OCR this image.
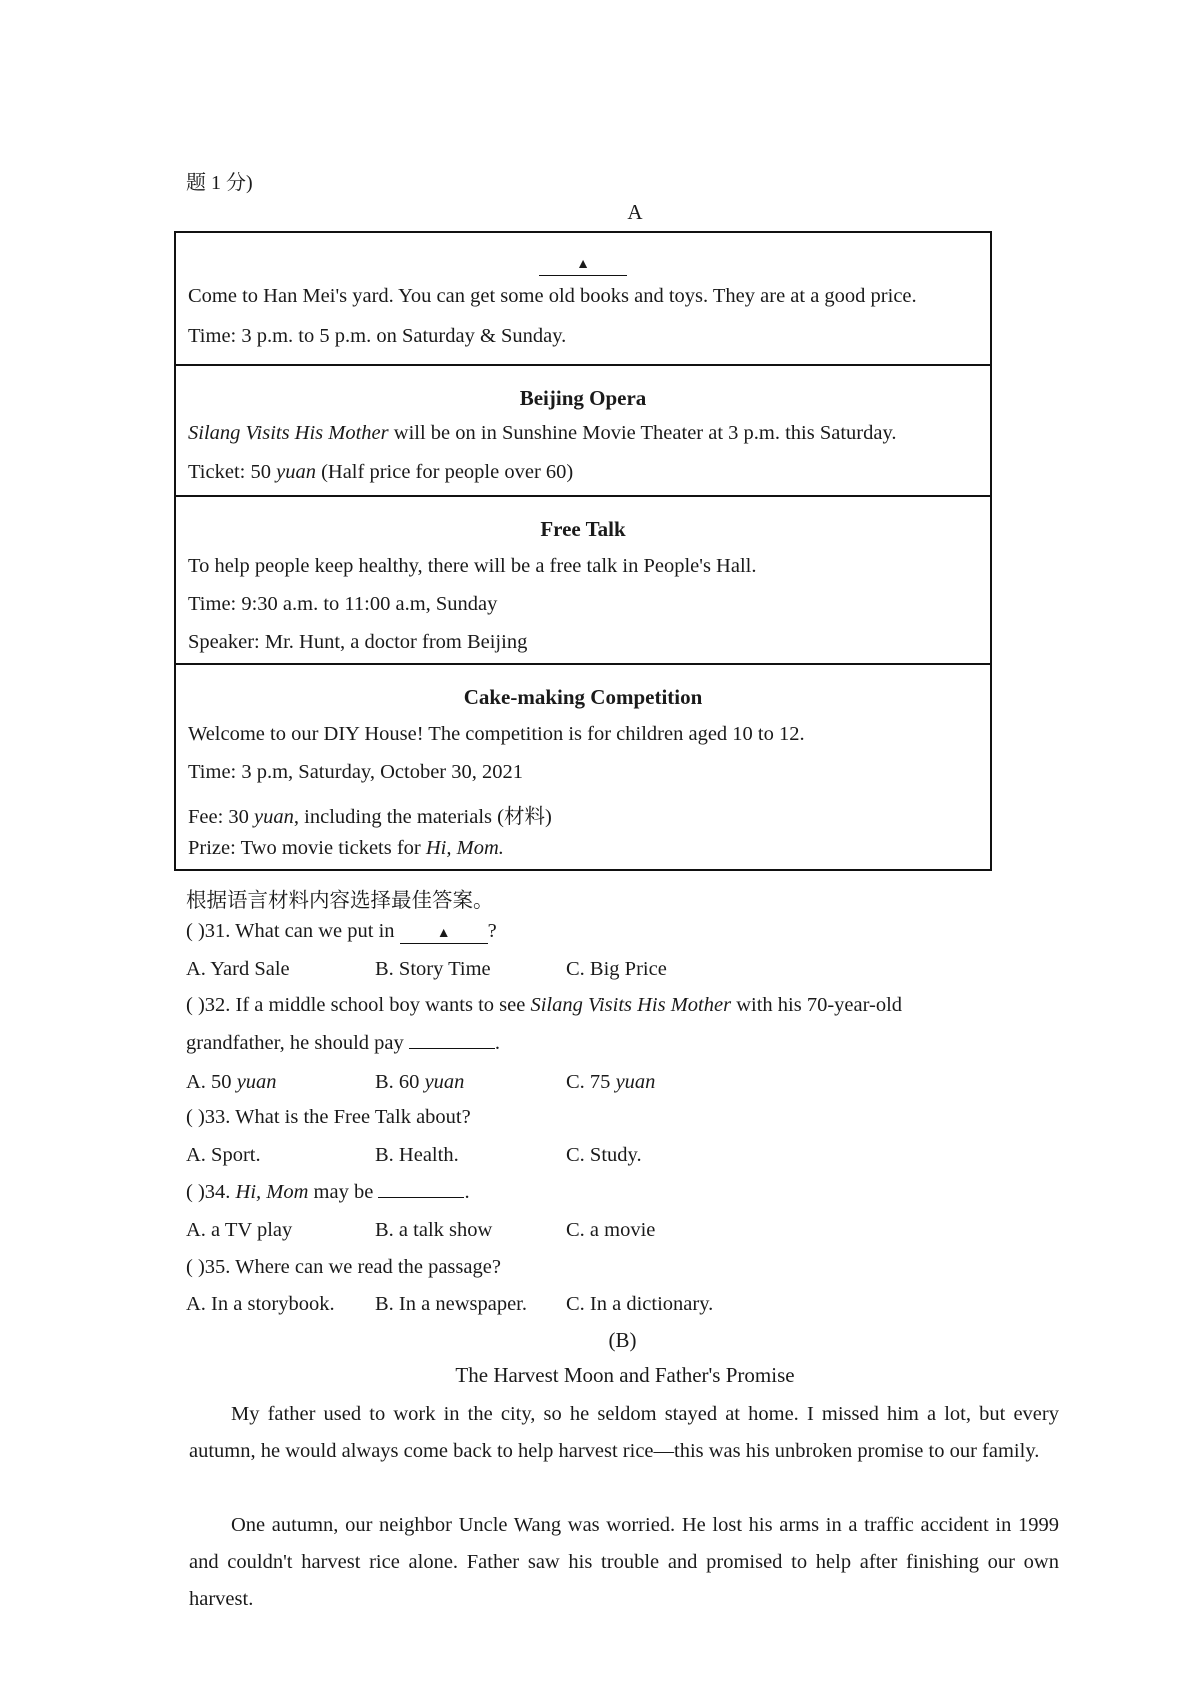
题 1 分)
A
▲
Come to Han Mei's yard. You can get some old books and toys. They are at a good price.
Time: 3 p.m. to 5 p.m. on Saturday & Sunday.
Beijing Opera
Silang Visits His Mother will be on in Sunshine Movie Theater at 3 p.m. this Saturday.
Ticket: 50 yuan (Half price for people over 60)
Free Talk
To help people keep healthy, there will be a free talk in People's Hall.
Time: 9:30 a.m. to 11:00 a.m, Sunday
Speaker: Mr. Hunt, a doctor from Beijing
Cake-making Competition
Welcome to our DIY House! The competition is for children aged 10 to 12.
Time: 3 p.m, Saturday, October 30, 2021
Fee: 30 yuan, including the materials (材料)
Prize: Two movie tickets for Hi, Mom.
根据语言材料内容选择最佳答案。
( )31. What can we put in	▲ ?
A. Yard Sale	B. Story Time	C. Big Price
( )32. If a middle school boy wants to see Silang Visits His Mother with his 70-year-old
grandfather, he should pay	.
A. 50 yuan	B. 60 yuan	C. 75 yuan
( )33. What is the Free Talk about?
A. Sport.	B. Health.	C. Study.
( )34. Hi, Mom may be	.
A. a TV play	B. a talk show	C. a movie
( )35. Where can we read the passage?
A. In a storybook. B. In a newspaper. C. In a dictionary.
(B)
The Harvest Moon and Father's Promise
My father used to work in the city, so he seldom stayed at home. I missed him a lot, but every autumn, he would always come back to help harvest rice—this was his unbroken promise to our family.
One autumn, our neighbor Uncle Wang was worried. He lost his arms in a traffic accident in 1999 and couldn't harvest rice alone. Father saw his trouble and promised to help after finishing our own harvest.
